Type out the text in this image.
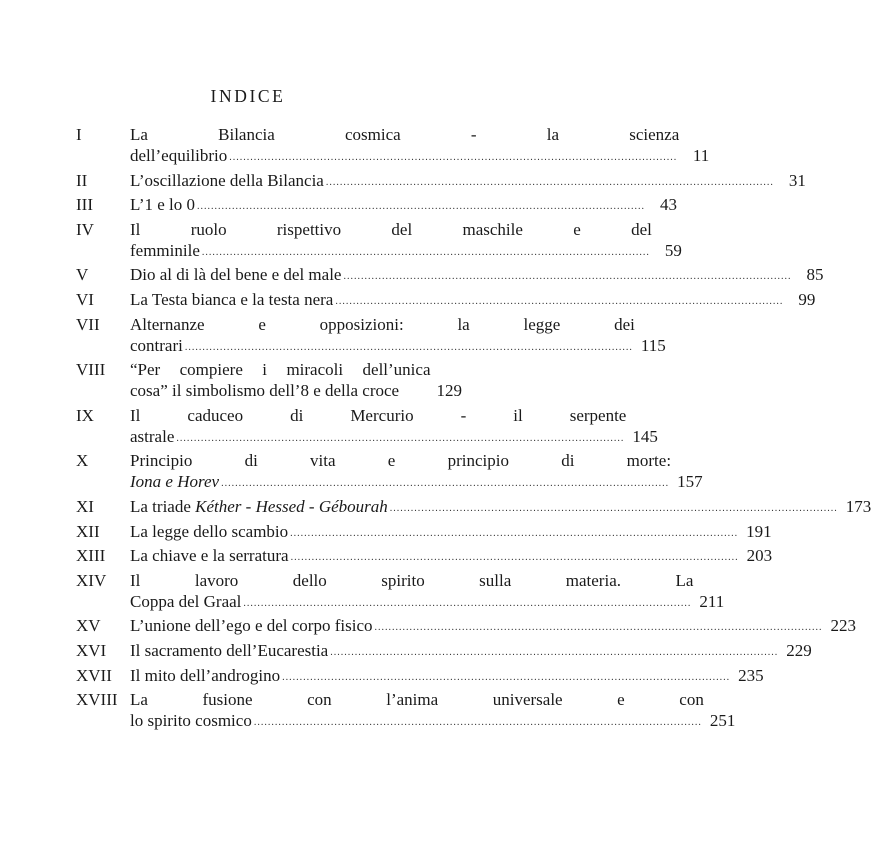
INDICE
I	La Bilancia cosmica - la scienza
dell’equilibrio .....	11
II	L’oscillazione della Bilancia .....	31
III	L’1 e lo 0 .....	43
IV	Il ruolo rispettivo del maschile e del
femminile .....	59
V	Dio al di là del bene e del male .....	85
VI	La Testa bianca e la testa nera .....	99
VII	Alternanze e opposizioni: la legge dei
contrari .....	115
VIII	“Per compiere i miracoli dell’unica
cosa” il simbolismo dell’8 e della croce 129
IX	Il caduceo di Mercurio - il serpente
astrale .....	145
X	Principio di vita e principio di morte:
Iona e Horev .....	157
XI	La triade Kéther - Hessed - Gébourah .....	173
XII	La legge dello scambio .....	191
XIII	La chiave e la serratura .....	203
XIV	Il lavoro dello spirito sulla materia. La
Coppa del Graal .....	211
XV	L’unione dell’ego e del corpo fisico .....	223
XVI	Il sacramento dell’Eucarestia .....	229
XVII	Il mito dell’androgino .....	235
XVIII La fusione con l’anima universale e con
lo spirito cosmico .....	251
